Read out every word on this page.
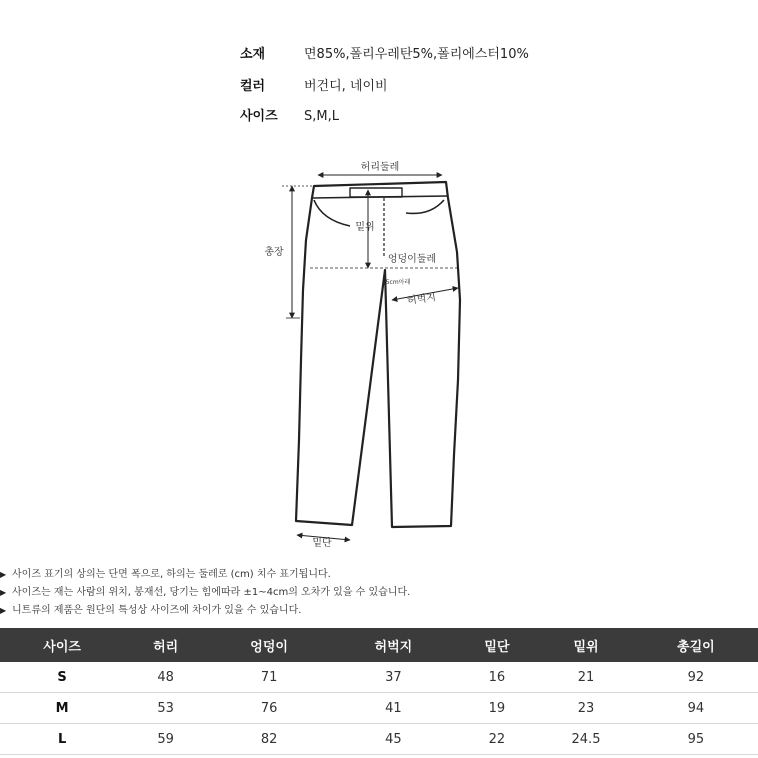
소재	면85%,폴리우레탄5%,폴리에스터10%
컬러	버건디, 네이비
사이즈 S,M,L
허리둘레
총장
밑위
엉덩이둘레
5cm아래
허벅지
밑단
▶ 사이즈 표기의 상의는 단면 폭으로, 하의는 둘레로 (cm) 치수 표기됩니다.
▶ 사이즈는 재는 사람의 위치, 봉재선, 당기는 힘에따라 ±1~4cm의 오차가 있을 수 있습니다.
▶ 니트류의 제품은 원단의 특성상 사이즈에 차이가 있을 수 있습니다.
사이즈	허리	엉덩이	허벅지	밑단	밑위	총길이
S	48	71	37	16	21	92
M	53	76	41	19	23	94
L	59	82	45	22	24.5	95
